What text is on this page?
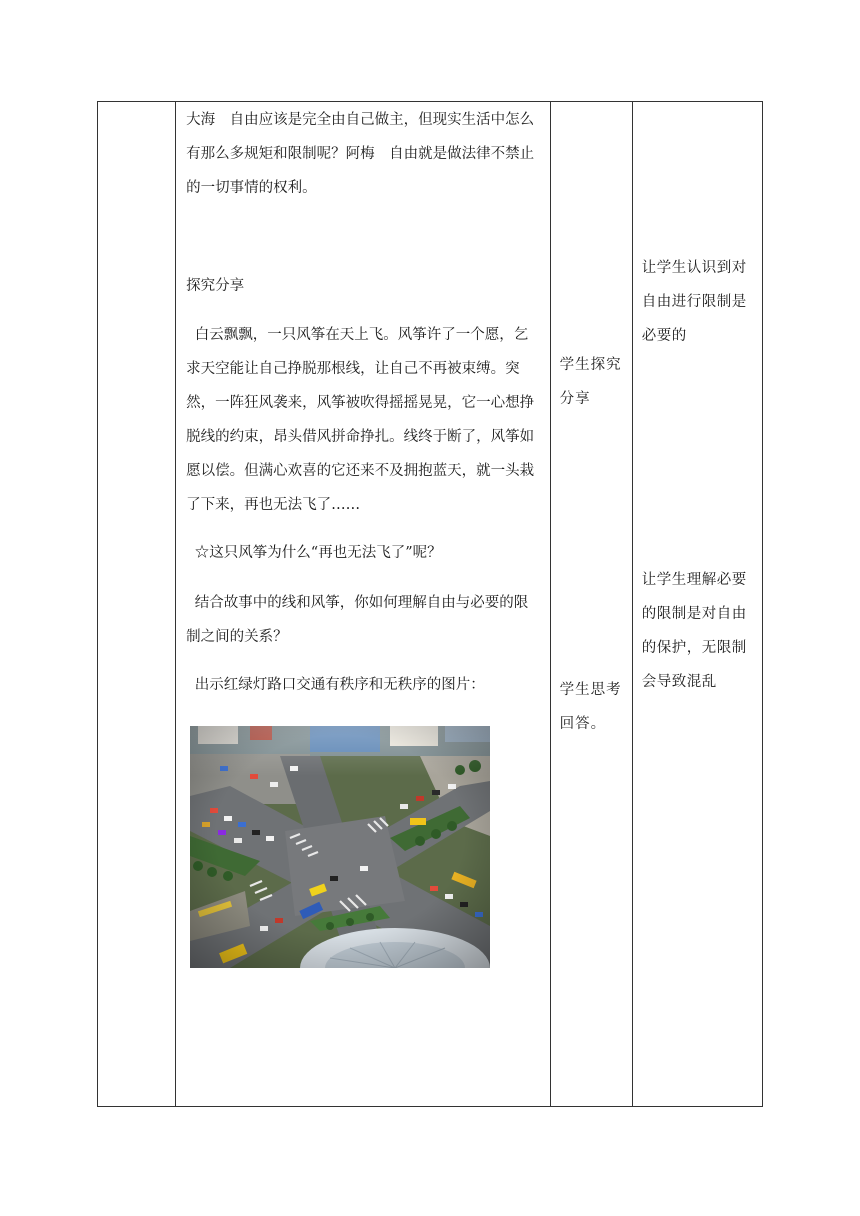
大海　自由应该是完全由自己做主，但现实生活中怎么有那么多规矩和限制呢？阿梅　自由就是做法律不禁止的一切事情的权利。
探究分享
白云飘飘，一只风筝在天上飞。风筝许了一个愿，乞求天空能让自己挣脱那根线，让自己不再被束缚。突然，一阵狂风袭来，风筝被吹得摇摇晃晃，它一心想挣脱线的约束，昂头借风拼命挣扎。线终于断了，风筝如愿以偿。但满心欢喜的它还来不及拥抱蓝天，就一头栽了下来，再也无法飞了……
☆这只风筝为什么“再也无法飞了”呢？
结合故事中的线和风筝，你如何理解自由与必要的限制之间的关系？
出示红绿灯路口交通有秩序和无秩序的图片：

学生探究分享
学生思考回答。

让学生认识到对自由进行限制是必要的
让学生理解必要的限制是对自由的保护，无限制会导致混乱
